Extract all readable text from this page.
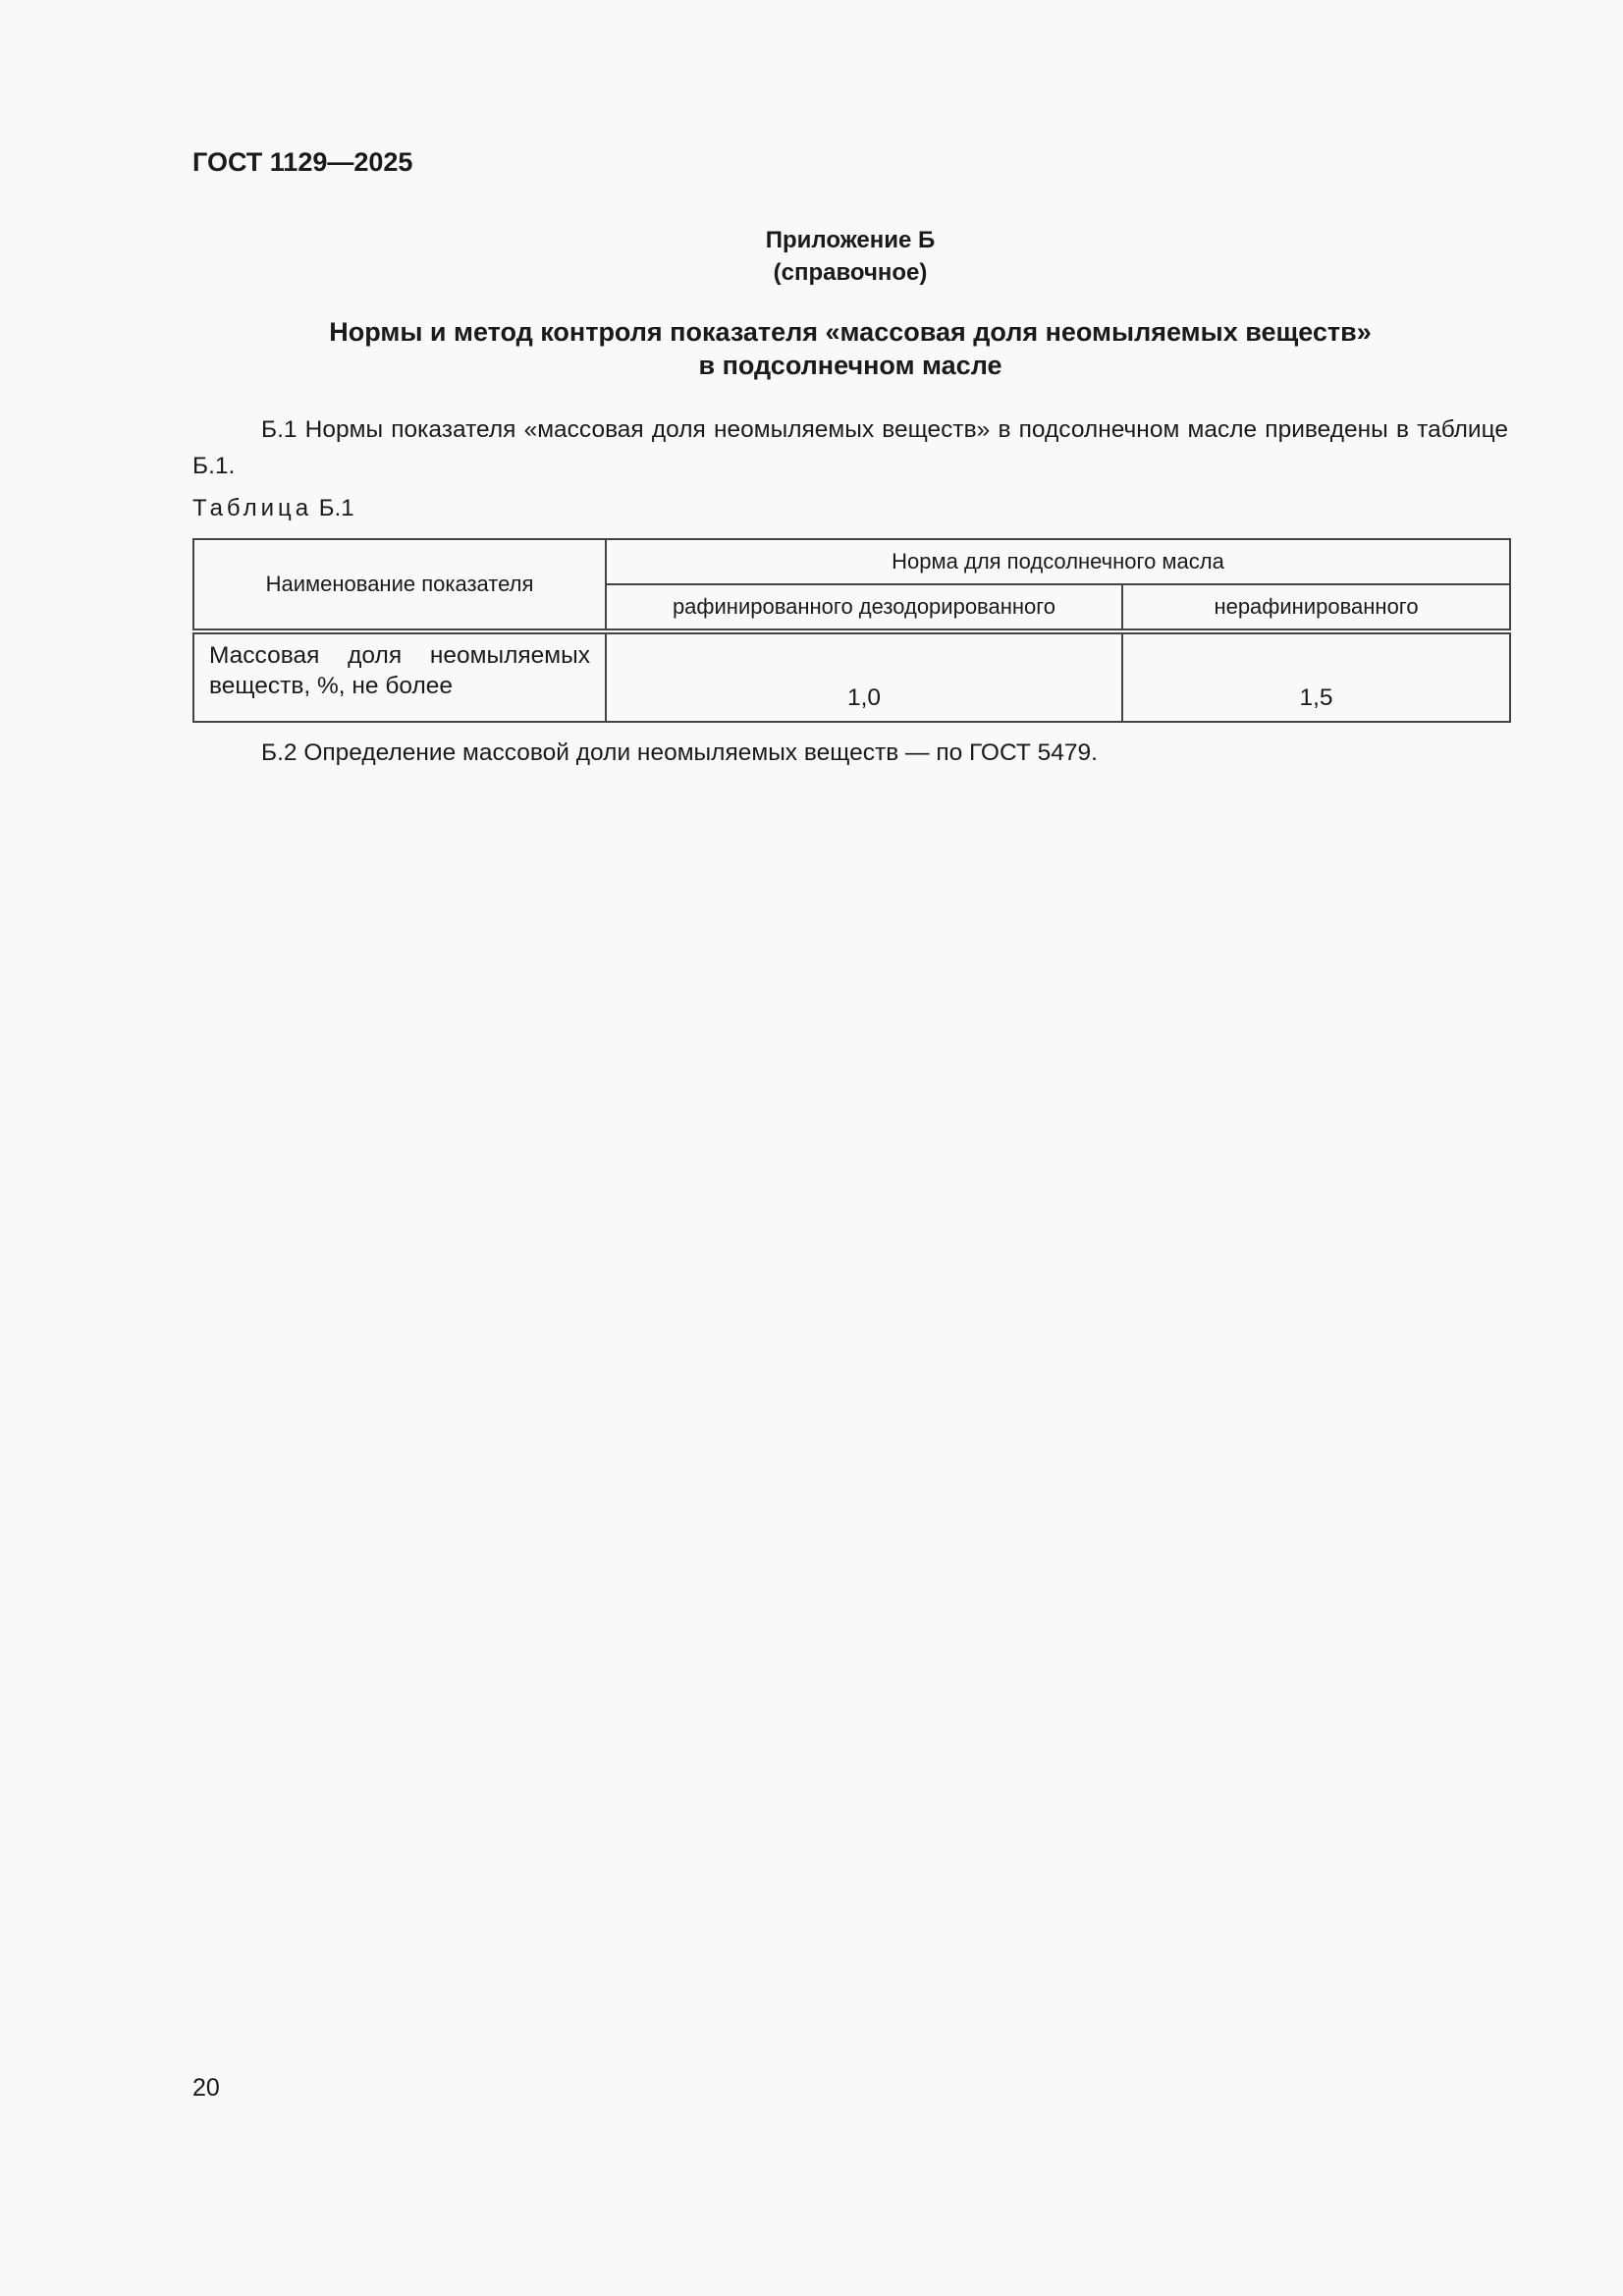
ГОСТ 1129—2025
Приложение Б
(справочное)
Нормы и метод контроля показателя «массовая доля неомыляемых веществ»
в подсолнечном масле

Б.1 Нормы показателя «массовая доля неомыляемых веществ» в подсолнечном масле приведены в таблице Б.1.

Таблица Б.1
Наименование показателя	Норма для подсолнечного масла	
	рафинированного дезодорированного	нерафинированного
Массовая доля неомыляемых веществ, %, не более	1,0	1,5

Б.2 Определение массовой доли неомыляемых веществ — по ГОСТ 5479.

20
